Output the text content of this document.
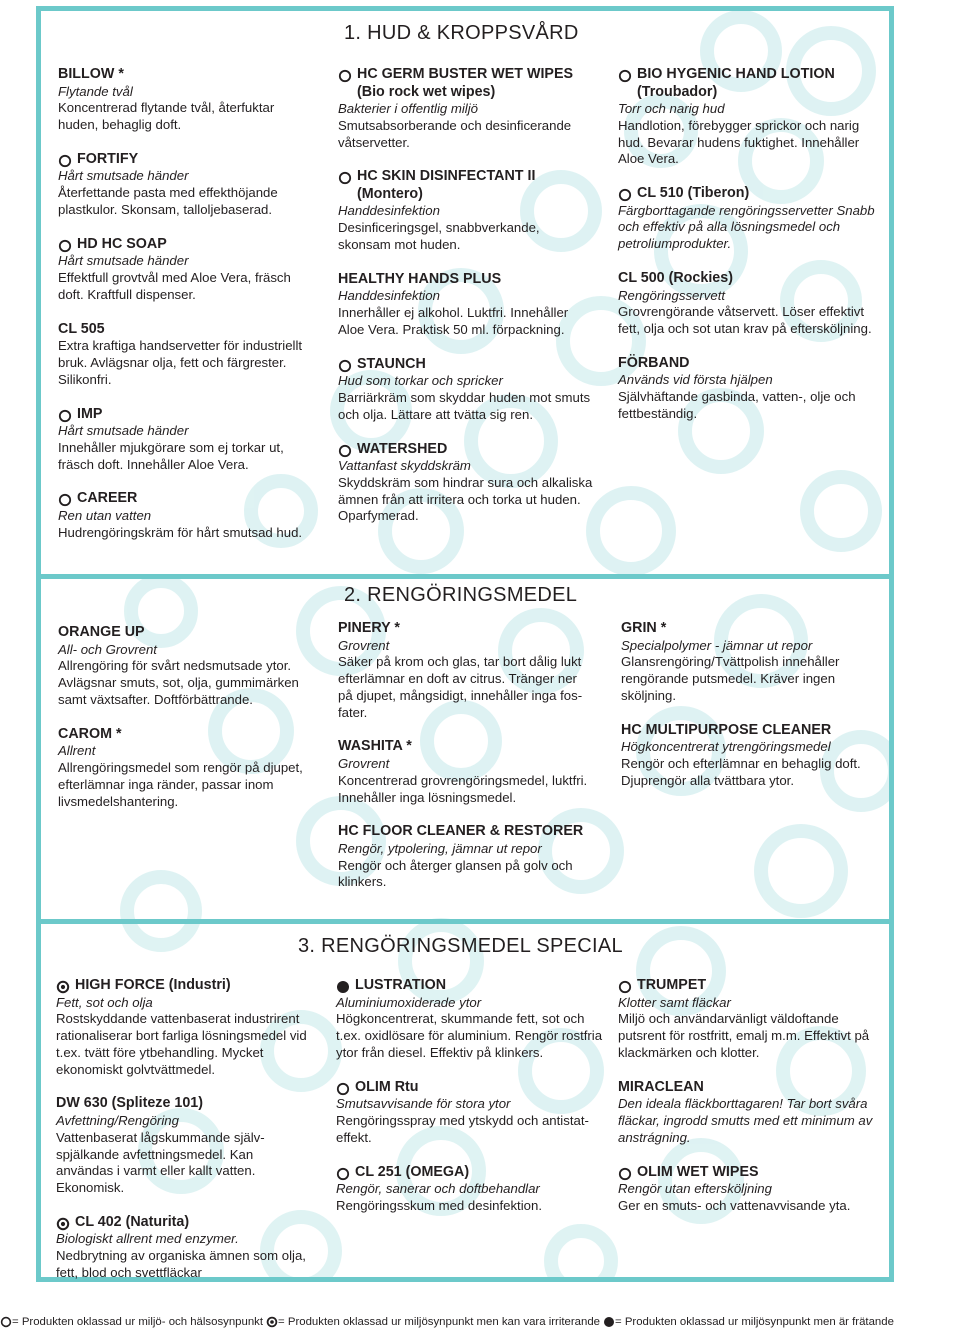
1. HUD & KROPPSVÅRD
BILLOW *
Flytande tvål
Koncentrerad flytande tvål, återfuktar huden, behaglig doft.
FORTIFY
Hårt smutsade händer
Återfettande pasta med effekthöjande plastkulor. Skonsam, talloljebaserad.
HD HC SOAP
Hårt smutsade händer
Effektfull grovtvål med Aloe Vera, fräsch doft. Kraftfull dispenser.
CL 505
Extra kraftiga handservetter för industriellt bruk. Avlägsnar olja, fett och färgrester. Silikonfri.
IMP
Hårt smutsade händer
Innehåller mjukgörare som ej torkar ut, fräsch doft. Innehåller Aloe Vera.
CAREER
Ren utan vatten
Hudrengöringskräm för hårt smutsad hud.
HC GERM BUSTER WET WIPES (Bio rock wet wipes)
Bakterier i offentlig miljö
Smutsabsorberande och desinficerande våtservetter.
HC SKIN DISINFECTANT II (Montero)
Handdesinfektion
Desinficeringsgel, snabbverkande, skonsam mot huden.
HEALTHY HANDS PLUS
Handdesinfektion
Innerhåller ej alkohol. Luktfri. Innehåller Aloe Vera. Praktisk 50 ml. förpackning.
STAUNCH
Hud som torkar och spricker
Barriärkräm som skyddar huden mot smuts och olja. Lättare att tvätta sig ren.
WATERSHED
Vattanfast skyddskräm
Skyddskräm som hindrar sura och alkaliska ämnen från att irritera och torka ut huden. Oparfymerad.
BIO HYGENIC HAND LOTION (Troubador)
Torr och narig hud
Handlotion, förebygger sprickor och narig hud. Bevarar hudens fuktighet. Innehåller Aloe Vera.
CL 510 (Tiberon)
Färgborttagande rengöringsservetter Snabb och effektiv på alla lösningsmedel och petroliumprodukter.
CL 500 (Rockies)
Rengöringsservett
Grovrengörande våtservett. Löser effektivt fett, olja och sot utan krav på eftersköljning.
FÖRBAND
Används vid första hjälpen
Självhäftande gasbinda, vatten-, olje och fettbeständig.
2. RENGÖRINGSMEDEL
ORANGE UP
All- och Grovrent
Allrengöring för svårt nedsmutsade ytor. Avlägsnar smuts, sot, olja, gummimärken samt växtsafter. Doftförbättrande.
CAROM *
Allrent
Allrengöringsmedel som rengör på djupet, efterlämnar inga ränder, passar inom livsmedelshantering.
PINERY *
Grovrent
Säker på krom och glas, tar bort dålig lukt efterlämnar en doft av citrus. Tränger ner på djupet, mångsidigt, innehåller inga fos-fater.
WASHITA *
Grovrent
Koncentrerad grovrengöringsmedel, luktfri. Innehåller inga lösningsmedel.
HC FLOOR CLEANER & RESTORER
Rengör, ytpolering, jämnar ut repor
Rengör och återger glansen på golv och klinkers.
GRIN *
Specialpolymer - jämnar ut repor
Glansrengöring/Tvättpolish innehåller rengörande putsmedel. Kräver ingen sköljning.
HC MULTIPURPOSE CLEANER
Högkoncentrerat ytrengöringsmedel
Rengör och efterlämnar en behaglig doft. Djuprengör alla tvättbara ytor.
3. RENGÖRINGSMEDEL SPECIAL
HIGH FORCE (Industri)
Fett, sot och olja
Rostskyddande vattenbaserat industrirent rationaliserar bort farliga lösningsmedel vid t.ex. tvätt före ytbehandling. Mycket ekonomiskt golvtvättmedel.
DW 630 (Spliteze 101)
Avfettning/Rengöring
Vattenbaserat lågskummande själv-spjälkande avfettningsmedel. Kan användas i varmt eller kallt vatten. Ekonomisk.
CL 402 (Naturita)
Biologiskt allrent med enzymer.
Nedbrytning av organiska ämnen som olja, fett, blod och svettfläckar
LUSTRATION
Aluminiumoxiderade ytor
Högkoncentrerat, skummande fett, sot och t.ex. oxidlösare för aluminium. Rengör rostfria ytor från diesel. Effektiv på klinkers.
OLIM Rtu
Smutsavvisande för stora ytor
Rengöringsspray med ytskydd och antistat-effekt.
CL 251 (OMEGA)
Rengör, sanerar och doftbehandlar
Rengöringsskum med desinfektion.
TRUMPET
Klotter samt fläckar
Miljö och användarvänligt väldoftande putsrent för rostfritt, emalj m.m. Effektivt på klackmärken och klotter.
MIRACLEAN
Den ideala fläckborttagaren! Tar bort svåra fläckar, ingrodd smutts med ett minimum av anstrágning.
OLIM WET WIPES
Rengör utan eftersköljning
Ger en smuts- och vattenavvisande yta.
= Produkten oklassad ur miljö- och hälsosynpunkt = Produkten oklassad ur miljösynpunkt men kan vara irriterande = Produkten oklassad ur miljösynpunkt men är frätande
